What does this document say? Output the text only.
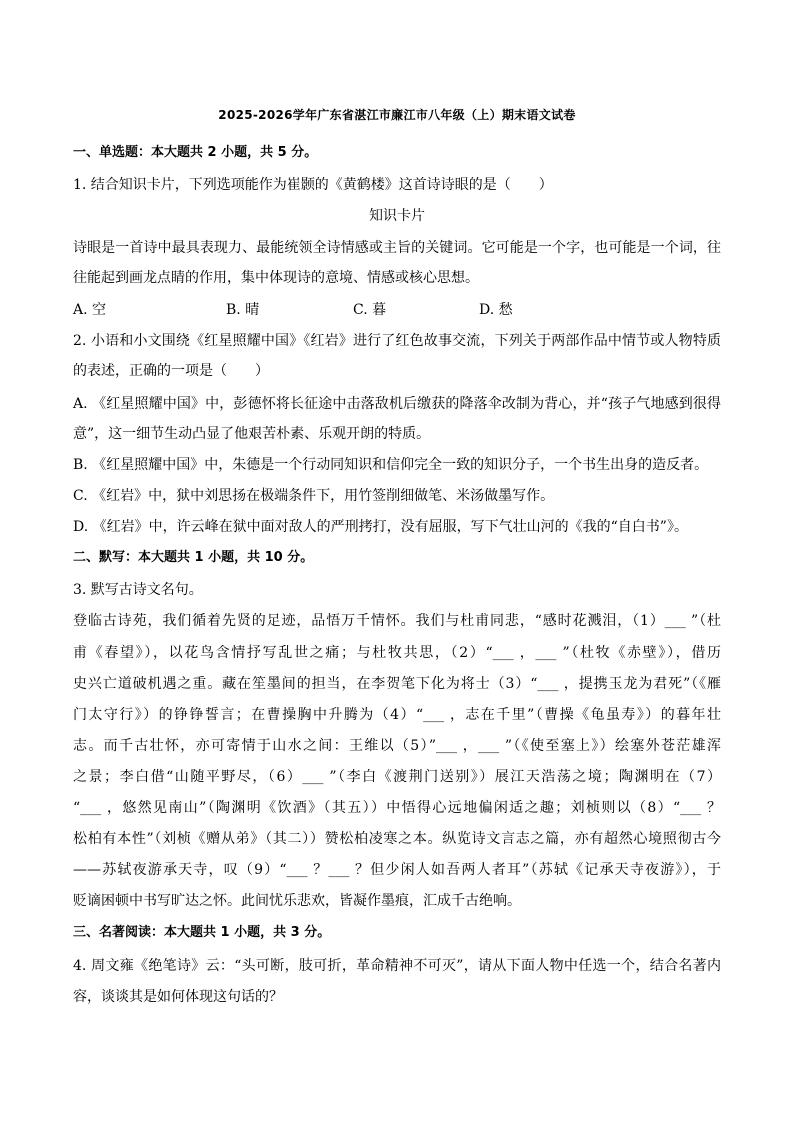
2025-2026学年广东省湛江市廉江市八年级（上）期末语文试卷
一、单选题：本大题共 2 小题，共 5 分。
1. 结合知识卡片，下列选项能作为崔颢的《黄鹤楼》这首诗诗眼的是（　　）
知识卡片
诗眼是一首诗中最具表现力、最能统领全诗情感或主旨的关键词。它可能是一个字，也可能是一个词，往
往能起到画龙点睛的作用，集中体现诗的意境、情感或核心思想。
A. 空	B. 晴	C. 暮	D. 愁
2. 小语和小文围绕《红星照耀中国》《红岩》进行了红色故事交流，下列关于两部作品中情节或人物特质
的表述，正确的一项是（　　）
A. 《红星照耀中国》中，彭德怀将长征途中击落敌机后缴获的降落伞改制为背心，并“孩子气地感到很得
意”，这一细节生动凸显了他艰苦朴素、乐观开朗的特质。
B. 《红星照耀中国》中，朱德是一个行动同知识和信仰完全一致的知识分子，一个书生出身的造反者。
C. 《红岩》中，狱中刘思扬在极端条件下，用竹签削细做笔、米汤做墨写作。
D. 《红岩》中，许云峰在狱中面对敌人的严刑拷打，没有屈服，写下气壮山河的《我的“自白书”》。
二、默写：本大题共 1 小题，共 10 分。
3. 默写古诗文名句。
登临古诗苑，我们循着先贤的足迹，品悟万千情怀。我们与杜甫同悲，“感时花溅泪，（1）___ ”（杜
甫《春望》），以花鸟含情抒写乱世之痛；与杜牧共思，（2）“___ ，___ ”（杜牧《赤壁》），借历
史兴亡道破机遇之重。藏在笙墨间的担当，在李贺笔下化为将士（3）“___ ，提携玉龙为君死”（《雁
门太守行》）的铮铮誓言；在曹操胸中升腾为（4）“___ ，志在千里”（曹操《龟虽寿》）的暮年壮
志。而千古壮怀，亦可寄情于山水之间：王维以（5）”___ ，___ ”（《使至塞上》）绘塞外苍茫雄浑
之景；李白借“山随平野尽，（6）___ ”（李白《渡荆门送别》）展江天浩荡之境；陶渊明在（7）
“___ ，悠然见南山”（陶渊明《饮酒》（其五））中悟得心远地偏闲适之趣；刘桢则以（8）“___ ？
松柏有本性”（刘桢《赠从弟》（其二））赞松柏凌寒之本。纵览诗文言志之篇，亦有超然心境照彻古今
——苏轼夜游承天寺，叹（9）“___ ？___ ？但少闲人如吾两人者耳”（苏轼《记承天寺夜游》），于
贬谪困顿中书写旷达之怀。此间忧乐悲欢，皆凝作墨痕，汇成千古绝响。
三、名著阅读：本大题共 1 小题，共 3 分。
4. 周文雍《绝笔诗》云：“头可断，肢可折，革命精神不可灭”，请从下面人物中任选一个，结合名著内
容，谈谈其是如何体现这句话的？
